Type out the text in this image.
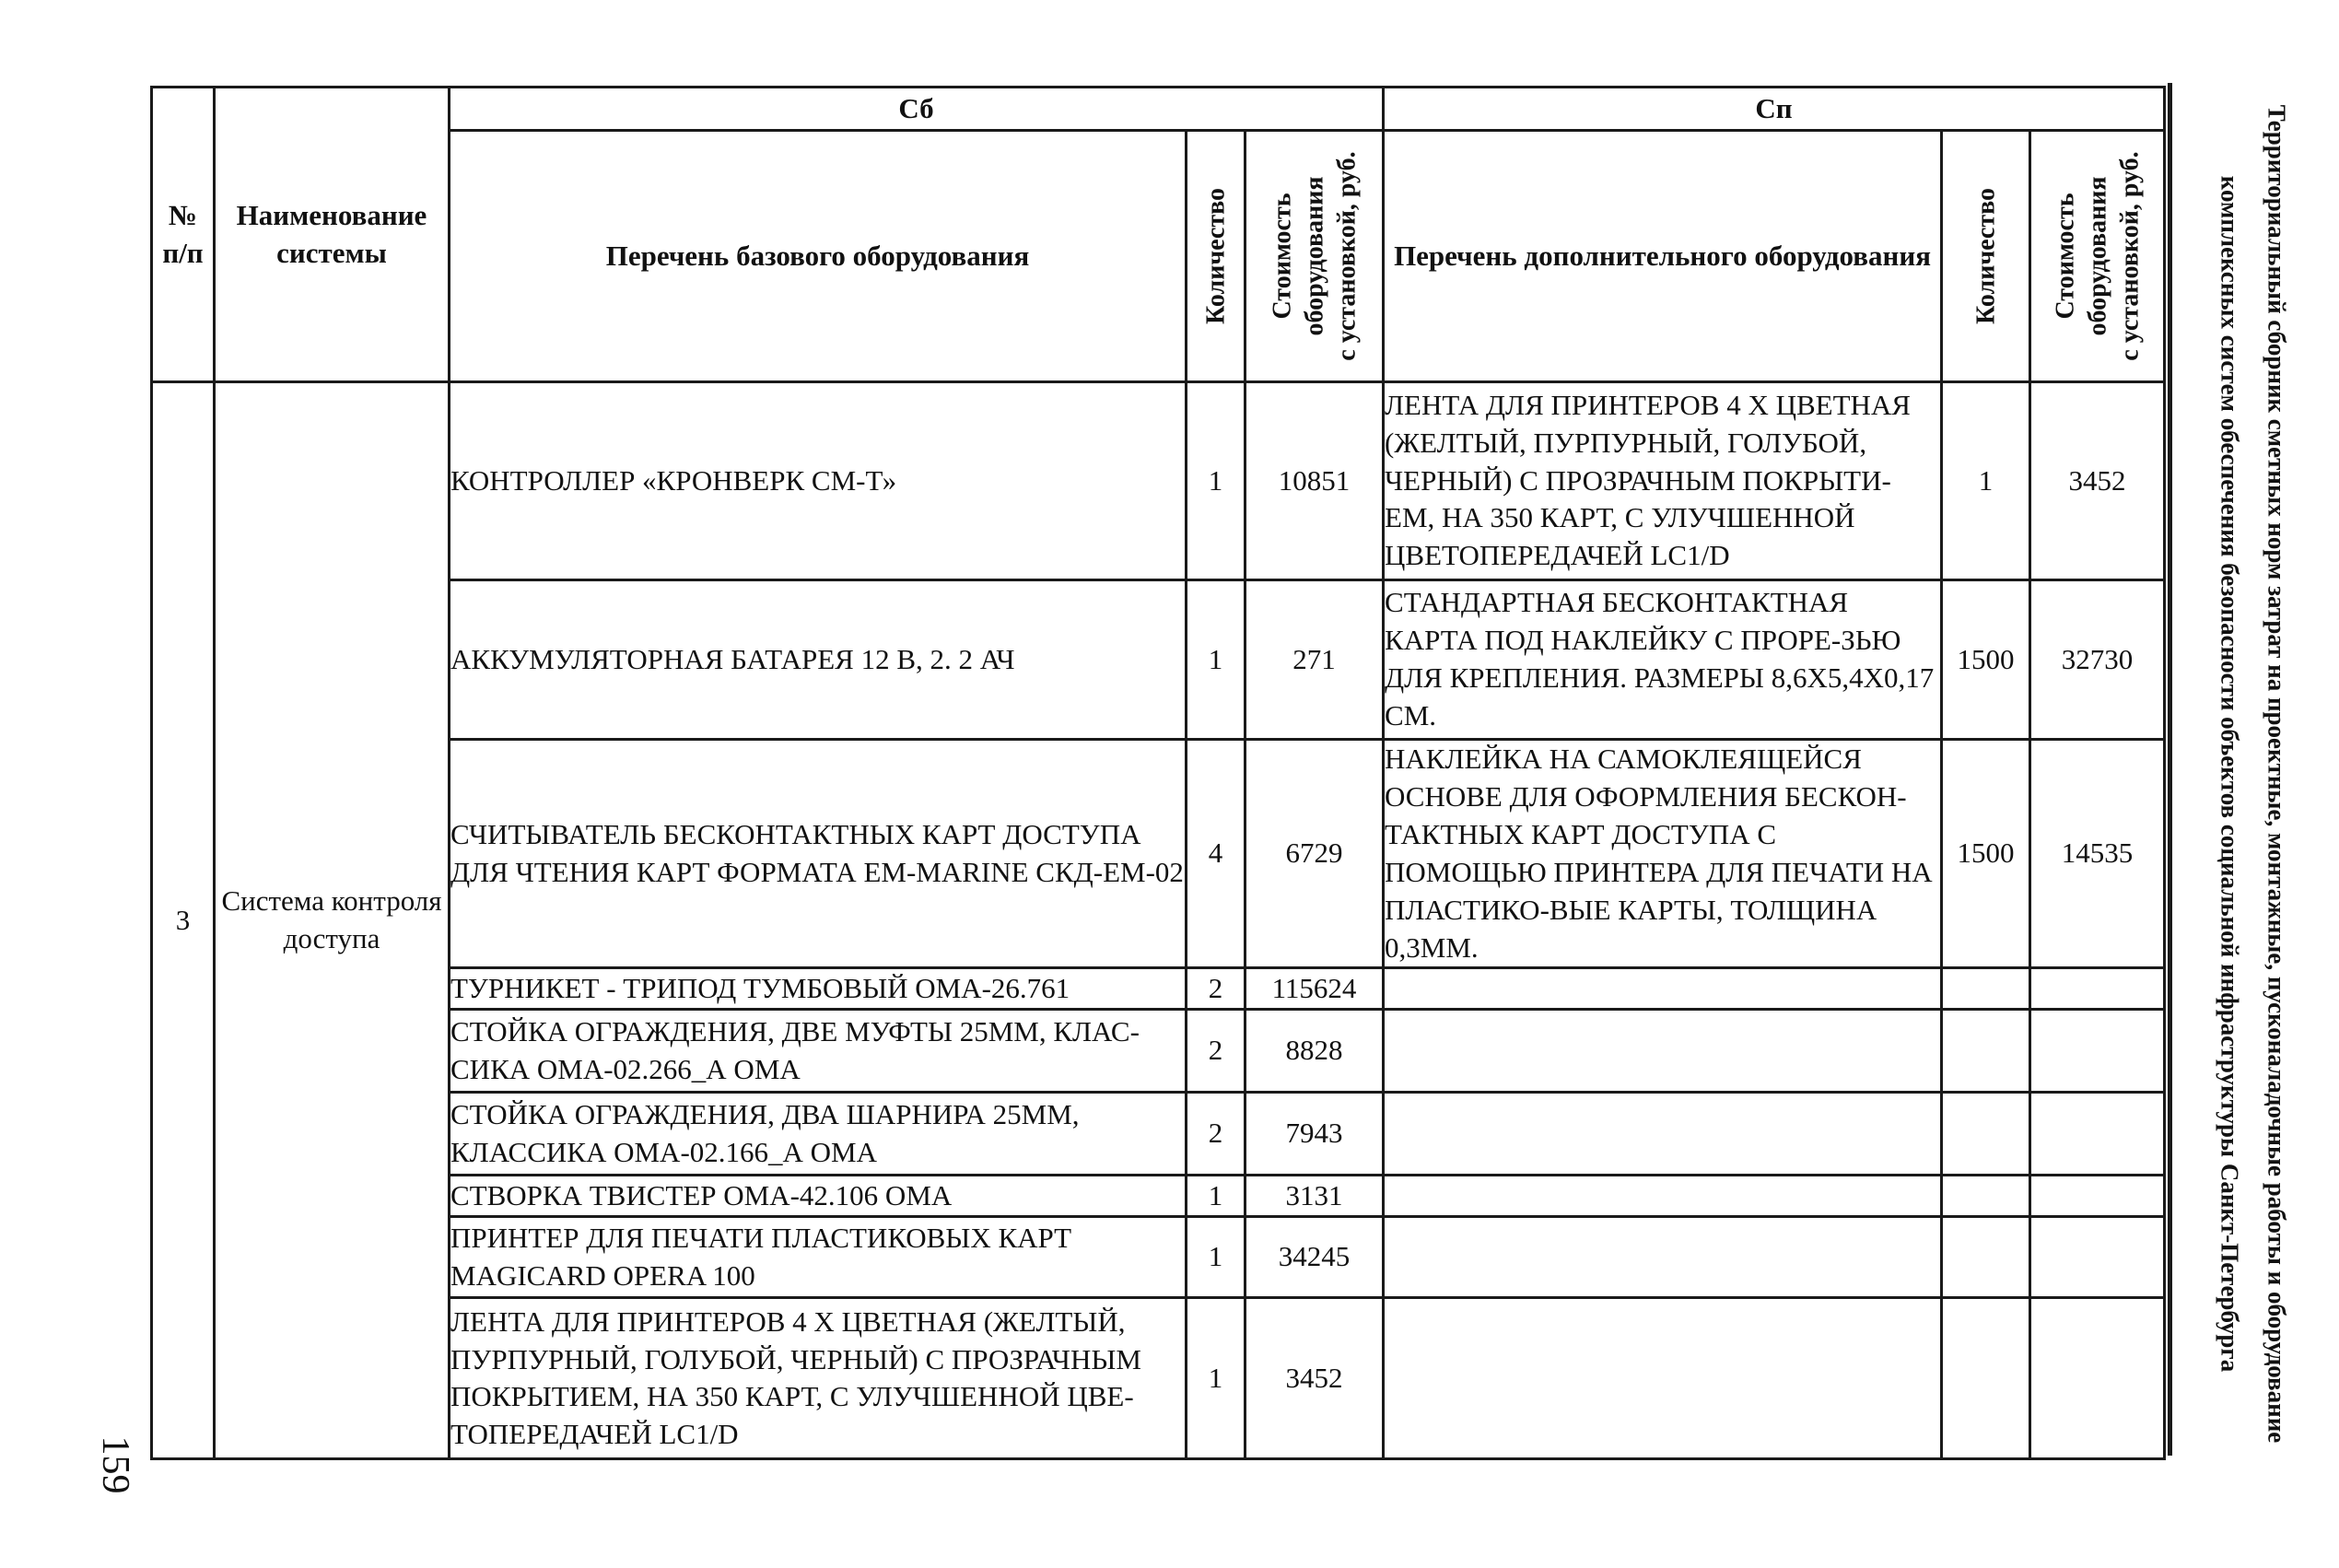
№ п/п	Наименование системы	Сб			Сп		
		Перечень базового оборудования	Количество	Стоимость оборудования с установкой, руб.	Перечень дополнительного оборудования	Количество	Стоимость оборудования с установкой, руб.

3	Система контроля доступа	КОНТРОЛЛЕР «КРОНВЕРК СМ-Т»	1	10851	ЛЕНТА ДЛЯ ПРИНТЕРОВ 4 Х ЦВЕТНАЯ (ЖЕЛТЫЙ, ПУРПУРНЫЙ, ГОЛУБОЙ, ЧЕРНЫЙ) С ПРОЗРАЧНЫМ ПОКРЫТИ-ЕМ, НА 350 КАРТ, С УЛУЧШЕННОЙ ЦВЕТОПЕРЕДАЧЕЙ LC1/D	1	3452
		АККУМУЛЯТОРНАЯ БАТАРЕЯ 12 В, 2. 2 АЧ	1	271	СТАНДАРТНАЯ БЕСКОНТАКТНАЯ КАРТА ПОД НАКЛЕЙКУ С ПРОРЕ-ЗЬЮ ДЛЯ КРЕПЛЕНИЯ. РАЗМЕРЫ 8,6Х5,4Х0,17 СМ.	1500	32730
		СЧИТЫВАТЕЛЬ БЕСКОНТАКТНЫХ КАРТ ДОСТУПА ДЛЯ ЧТЕНИЯ КАРТ ФОРМАТА EM-MARINE СКД-ЕМ-02	4	6729	НАКЛЕЙКА НА САМОКЛЕЯЩЕЙСЯ ОСНОВЕ ДЛЯ ОФОРМЛЕНИЯ БЕСКОН-ТАКТНЫХ КАРТ ДОСТУПА С ПОМОЩЬЮ ПРИНТЕРА ДЛЯ ПЕЧАТИ НА ПЛАСТИКО-ВЫЕ КАРТЫ, ТОЛЩИНА 0,3ММ.	1500	14535
		ТУРНИКЕТ - ТРИПОД ТУМБОВЫЙ ОМА-26.761	2	115624			
		СТОЙКА ОГРАЖДЕНИЯ, ДВЕ МУФТЫ 25ММ, КЛАС-СИКА ОМА-02.266_А ОМА	2	8828			
		СТОЙКА ОГРАЖДЕНИЯ, ДВА ШАРНИРА 25ММ, КЛАССИКА ОМА-02.166_А ОМА	2	7943			
		СТВОРКА ТВИСТЕР ОМА-42.106 ОМА	1	3131			
		ПРИНТЕР ДЛЯ ПЕЧАТИ ПЛАСТИКОВЫХ КАРТ MAGICARD OPERA 100	1	34245			
		ЛЕНТА ДЛЯ ПРИНТЕРОВ 4 Х ЦВЕТНАЯ (ЖЕЛТЫЙ, ПУРПУРНЫЙ, ГОЛУБОЙ, ЧЕРНЫЙ) С ПРОЗРАЧНЫМ ПОКРЫТИЕМ, НА 350 КАРТ, С УЛУЧШЕННОЙ ЦВЕ-ТОПЕРЕДАЧЕЙ LC1/D	1	3452				Территориальный сборник сметных норм затрат на проектные, монтажные, пусконаладочные работы и оборудование
комплексных систем обеспечения безопасности объектов социальной инфраструктуры Санкт-Петербурга
159
